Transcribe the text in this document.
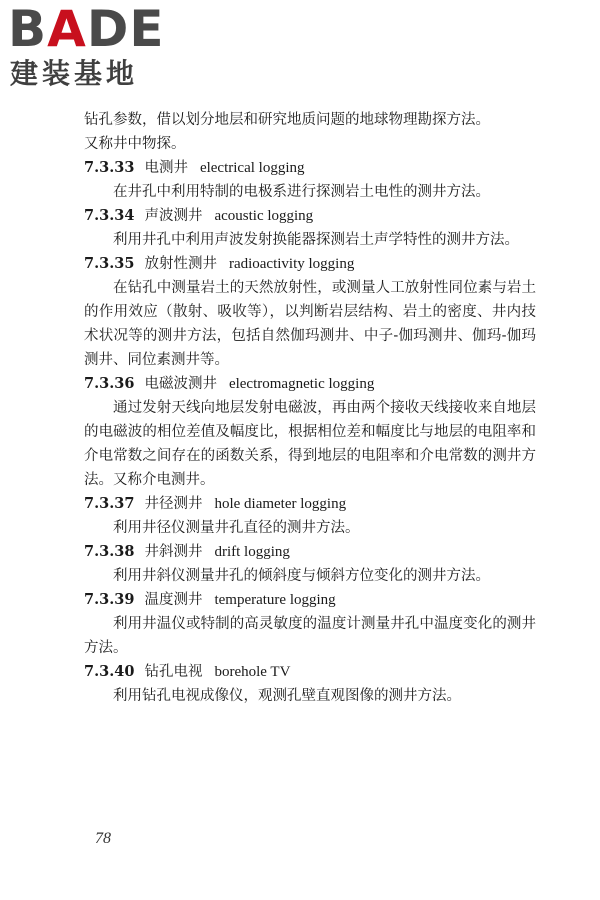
BADE
建装基地
钻孔参数，借以划分地层和研究地质问题的地球物理勘探方法。
又称井中物探。
7.3.33 电测井 electrical logging
在井孔中利用特制的电极系进行探测岩土电性的测井方法。
7.3.34 声波测井 acoustic logging
利用井孔中利用声波发射换能器探测岩土声学特性的测井方法。
7.3.35 放射性测井 radioactivity logging
在钻孔中测量岩土的天然放射性，或测量人工放射性同位素与岩土的作用效应（散射、吸收等），以判断岩层结构、岩土的密度、井内技术状况等的测井方法，包括自然伽玛测井、中子-伽玛测井、伽玛-伽玛测井、同位素测井等。
7.3.36 电磁波测井 electromagnetic logging
通过发射天线向地层发射电磁波，再由两个接收天线接收来自地层的电磁波的相位差值及幅度比，根据相位差和幅度比与地层的电阻率和介电常数之间存在的函数关系，得到地层的电阻率和介电常数的测井方法。又称介电测井。
7.3.37 井径测井 hole diameter logging
利用井径仪测量井孔直径的测井方法。
7.3.38 井斜测井 drift logging
利用井斜仪测量井孔的倾斜度与倾斜方位变化的测井方法。
7.3.39 温度测井 temperature logging
利用井温仪或特制的高灵敏度的温度计测量井孔中温度变化的测井方法。
7.3.40 钻孔电视 borehole TV
利用钻孔电视成像仪，观测孔壁直观图像的测井方法。
78
